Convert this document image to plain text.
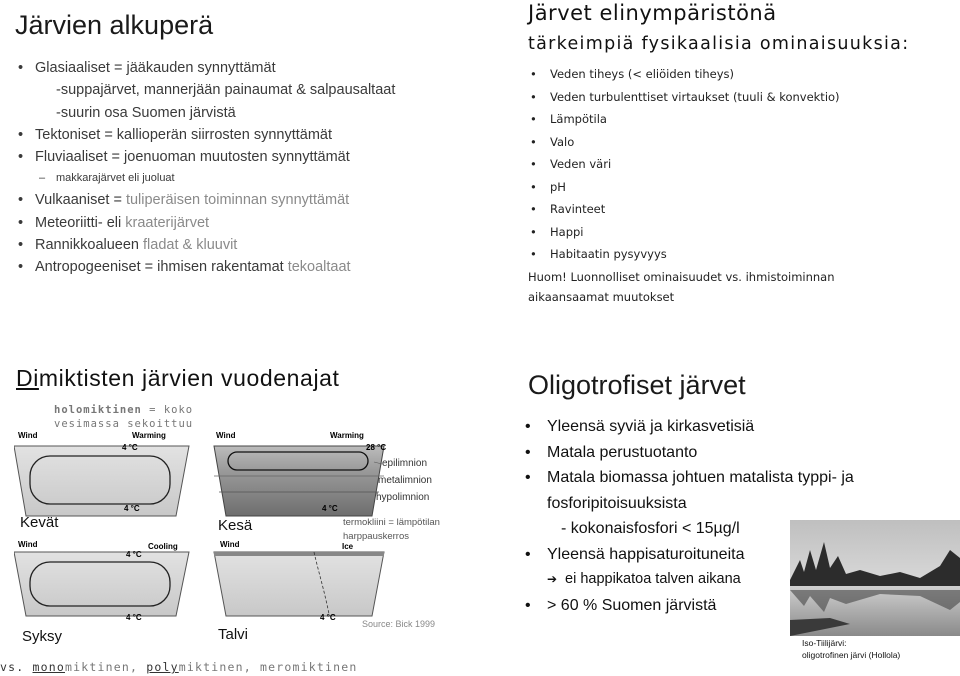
Järvien alkuperä
• Glasiaaliset = jääkauden synnyttämät
-suppajärvet, mannerjään painaumat & salpausaltaat
-suurin osa Suomen järvistä
• Tektoniset = kallioperän siirrosten synnyttämät
• Fluviaaliset = joenuoman muutosten synnyttämät
– makkarajärvet eli juoluat
• Vulkaaniset = tuliperäisen toiminnan synnyttämät
• Meteoriitti- eli kraaterijärvet
• Rannikkoalueen fladat & kluuvit
• Antropogeeniset = ihmisen rakentamat tekoaltaat
Järvet elinympäristönä
tärkeimpiä fysikaalisia ominaisuuksia:
• Veden tiheys (< eliöiden tiheys)
• Veden turbulenttiset virtaukset (tuuli & konvektio)
• Lämpötila
• Valo
• Veden väri
• pH
• Ravinteet
• Happi
• Habitaatin pysyvyys
Huom! Luonnolliset ominaisuudet vs. ihmistoiminnan
aikaansaamat muutokset
Dimiktisten järvien vuodenajat
holomiktinen = koko
vesimassa sekoittuu
Wind	Warming
4 °C
Wind	Warming
28 °C
4 °C	4 °C
Wind	Cooling
4 °C
Wind	Ice
4 °C	4 °C
epilimnion
metalimnion
hypolimnion
Kevät	Kesä
Syksy	Talvi
termokliini = lämpötilan
harppauskerros
Source: Bick 1999
vs. monomiktinen, polymiktinen, meromiktinen
Oligotrofiset järvet
• Yleensä syviä ja kirkasvetisiä
• Matala perustuotanto
• Matala biomassa johtuen matalista typpi- ja
fosforipitoisuuksista
- kokonaisfosfori < 15µg/l
• Yleensä happisaturoituneita
➔ ei happikatoa talven aikana
• > 60 % Suomen järvistä
Iso-Tiilijärvi:
oligotrofinen järvi (Hollola)
